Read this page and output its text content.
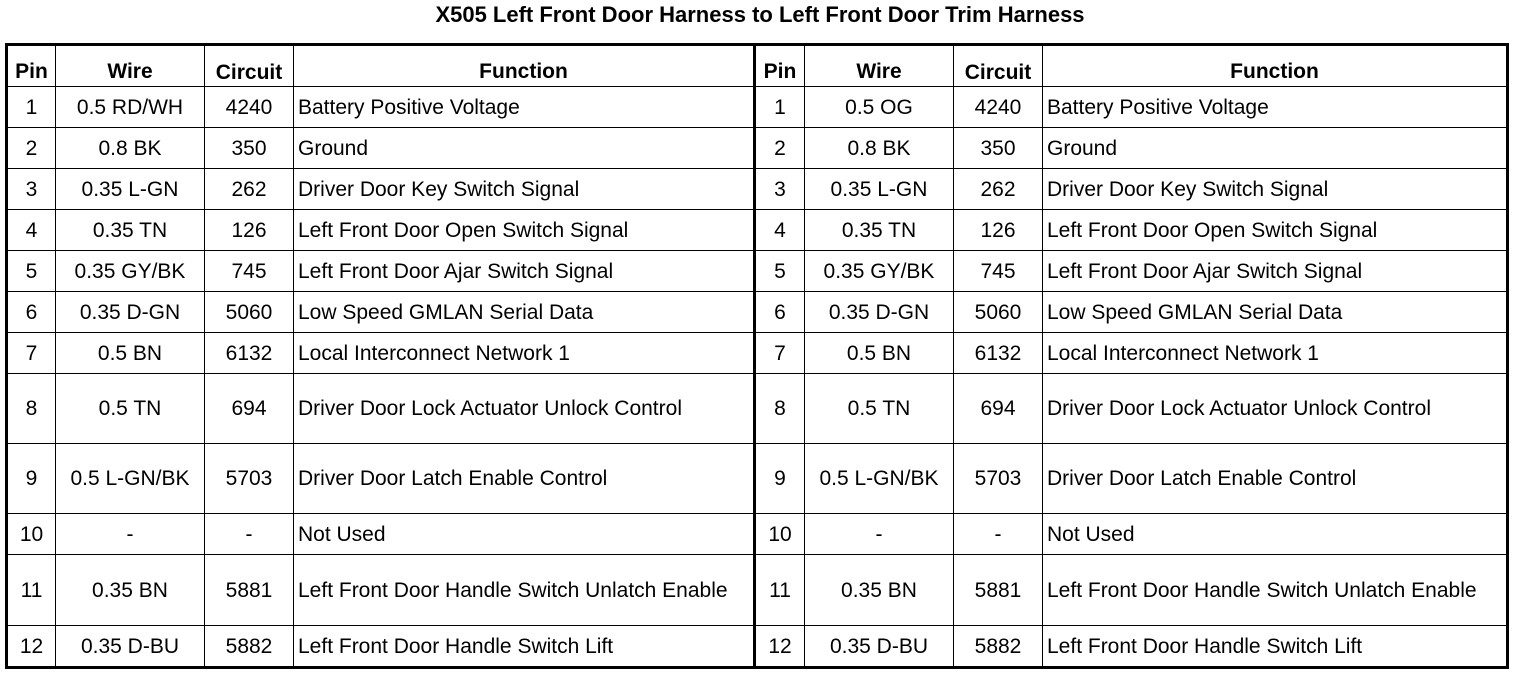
X505 Left Front Door Harness to Left Front Door Trim Harness
Pin	Wire	Circuit	Function	Pin	Wire	Circuit	Function
1	0.5 RD/WH	4240	Battery Positive Voltage	1	0.5 OG	4240	Battery Positive Voltage
2	0.8 BK	350	Ground	2	0.8 BK	350	Ground
3	0.35 L-GN	262	Driver Door Key Switch Signal	3	0.35 L-GN	262	Driver Door Key Switch Signal
4	0.35 TN	126	Left Front Door Open Switch Signal	4	0.35 TN	126	Left Front Door Open Switch Signal
5	0.35 GY/BK	745	Left Front Door Ajar Switch Signal	5	0.35 GY/BK	745	Left Front Door Ajar Switch Signal
6	0.35 D-GN	5060	Low Speed GMLAN Serial Data	6	0.35 D-GN	5060	Low Speed GMLAN Serial Data
7	0.5 BN	6132	Local Interconnect Network 1	7	0.5 BN	6132	Local Interconnect Network 1
8	0.5 TN	694	Driver Door Lock Actuator Unlock Control	8	0.5 TN	694	Driver Door Lock Actuator Unlock Control
9	0.5 L-GN/BK	5703	Driver Door Latch Enable Control	9	0.5 L-GN/BK	5703	Driver Door Latch Enable Control
10	-	-	Not Used	10	-	-	Not Used
11	0.35 BN	5881	Left Front Door Handle Switch Unlatch Enable	11	0.35 BN	5881	Left Front Door Handle Switch Unlatch Enable
12	0.35 D-BU	5882	Left Front Door Handle Switch Lift	12	0.35 D-BU	5882	Left Front Door Handle Switch Lift
